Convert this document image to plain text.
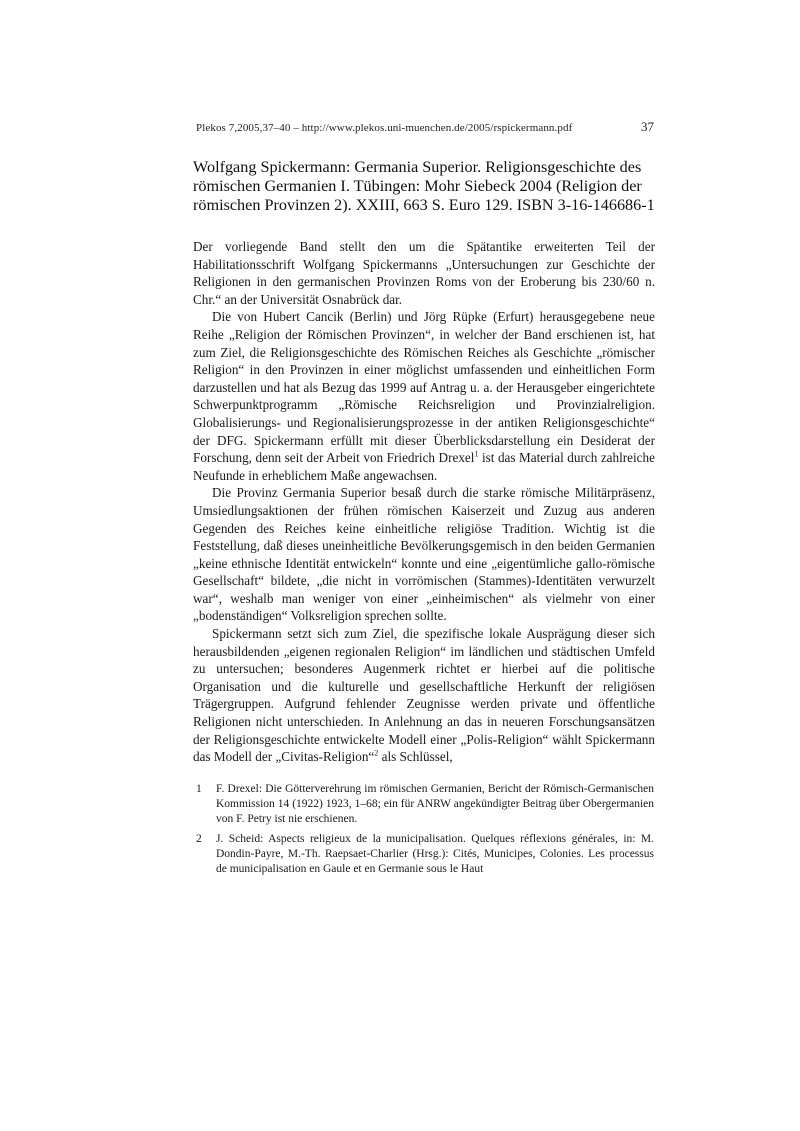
Plekos 7,2005,37–40 – http://www.plekos.uni-muenchen.de/2005/rspickermann.pdf	37
Wolfgang Spickermann: Germania Superior. Religionsgeschichte des römischen Germanien I. Tübingen: Mohr Siebeck 2004 (Religion der römischen Provinzen 2). XXIII, 663 S. Euro 129. ISBN 3-16-146686-1

Der vorliegende Band stellt den um die Spätantike erweiterten Teil der Habilitationsschrift Wolfgang Spickermanns „Untersuchungen zur Geschichte der Religionen in den germanischen Provinzen Roms von der Eroberung bis 230/60 n. Chr.“ an der Universität Osnabrück dar.

Die von Hubert Cancik (Berlin) und Jörg Rüpke (Erfurt) herausgegebene neue Reihe „Religion der Römischen Provinzen“, in welcher der Band erschienen ist, hat zum Ziel, die Religionsgeschichte des Römischen Reiches als Geschichte „römischer Religion“ in den Provinzen in einer möglichst umfassenden und einheitlichen Form darzustellen und hat als Bezug das 1999 auf Antrag u. a. der Herausgeber eingerichtete Schwerpunktprogramm „Römische Reichsreligion und Provinzialreligion. Globalisierungs- und Regionalisierungsprozesse in der antiken Religionsgeschichte“ der DFG. Spickermann erfüllt mit dieser Überblicksdarstellung ein Desiderat der Forschung, denn seit der Arbeit von Friedrich Drexel$^1$ ist das Material durch zahlreiche Neufunde in erheblichem Maße angewachsen.

Die Provinz Germania Superior besaß durch die starke römische Militärpräsenz, Umsiedlungsaktionen der frühen römischen Kaiserzeit und Zuzug aus anderen Gegenden des Reiches keine einheitliche religiöse Tradition. Wichtig ist die Feststellung, daß dieses uneinheitliche Bevölkerungsgemisch in den beiden Germanien „keine ethnische Identität entwickeln“ konnte und eine „eigentümliche gallo-römische Gesellschaft“ bildete, „die nicht in vorrömischen (Stammes)-Identitäten verwurzelt war“, weshalb man weniger von einer „einheimischen“ als vielmehr von einer „bodenständigen“ Volksreligion sprechen sollte.

Spickermann setzt sich zum Ziel, die spezifische lokale Ausprägung dieser sich herausbildenden „eigenen regionalen Religion“ im ländlichen und städtischen Umfeld zu untersuchen; besonderes Augenmerk richtet er hierbei auf die politische Organisation und die kulturelle und gesellschaftliche Herkunft der religiösen Trägergruppen. Aufgrund fehlender Zeugnisse werden private und öffentliche Religionen nicht unterschieden. In Anlehnung an das in neueren Forschungsansätzen der Religionsgeschichte entwickelte Modell einer „Polis-Religion“ wählt Spickermann das Modell der „Civitas-Religion“$^2$ als Schlüssel,

1	F. Drexel: Die Götterverehrung im römischen Germanien, Bericht der Römisch-Germanischen Kommission 14 (1922) 1923, 1–68; ein für ANRW angekündigter Beitrag über Obergermanien von F. Petry ist nie erschienen.
2	J. Scheid: Aspects religieux de la municipalisation. Quelques réflexions générales, in: M. Dondin-Payre, M.-Th. Raepsaet-Charlier (Hrsg.): Cités, Municipes, Colonies. Les processus de municipalisation en Gaule et en Germanie sous le Haut
